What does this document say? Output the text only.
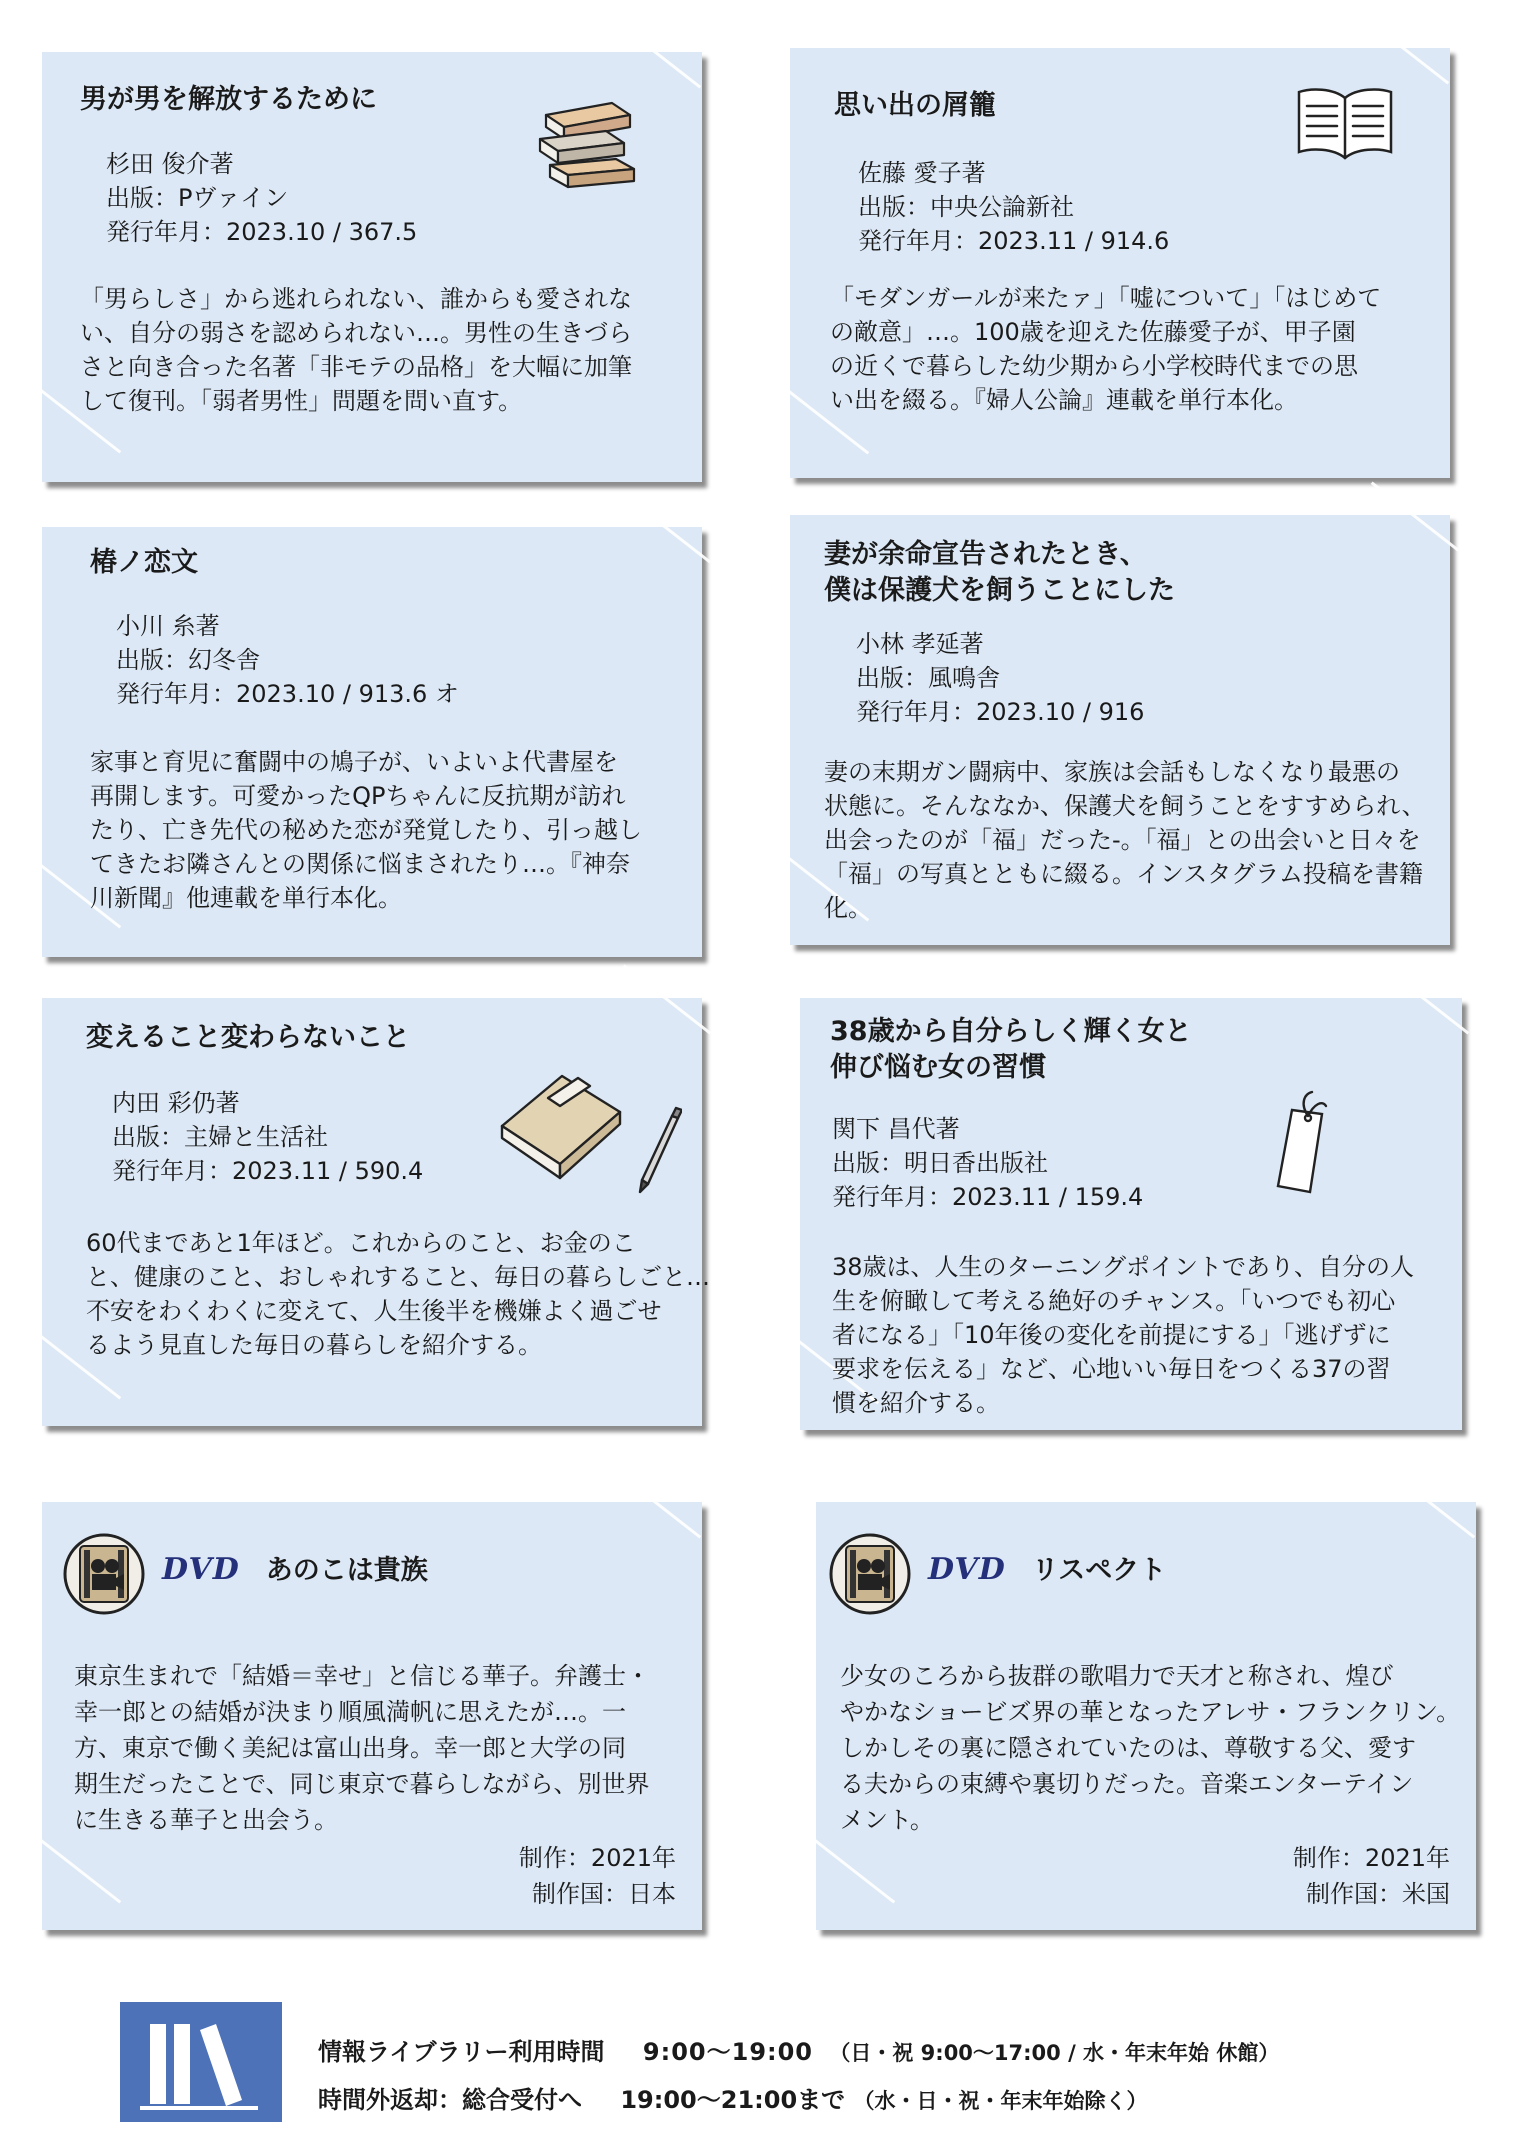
男が男を解放するために
杉田 俊介著
出版：Pヴァイン
発行年月：2023.10 / 367.5
「男らしさ」から逃れられない、誰からも愛されな
い、自分の弱さを認められない…。男性の生きづら
さと向き合った名著「非モテの品格」を大幅に加筆
して復刊。「弱者男性」問題を問い直す。
思い出の屑籠
佐藤 愛子著
出版：中央公論新社
発行年月：2023.11 / 914.6
「モダンガールが来たァ」「嘘について」「はじめて
の敵意」…。100歳を迎えた佐藤愛子が、甲子園
の近くで暮らした幼少期から小学校時代までの思
い出を綴る。『婦人公論』連載を単行本化。
椿ノ恋文
小川 糸著
出版：幻冬舎
発行年月：2023.10 / 913.6 オ
家事と育児に奮闘中の鳩子が、いよいよ代書屋を
再開します。可愛かったQPちゃんに反抗期が訪れ
たり、亡き先代の秘めた恋が発覚したり、引っ越し
てきたお隣さんとの関係に悩まされたり…。『神奈
川新聞』他連載を単行本化。
妻が余命宣告されたとき、
僕は保護犬を飼うことにした
小林 孝延著
出版：風鳴舎
発行年月：2023.10 / 916
妻の末期ガン闘病中、家族は会話もしなくなり最悪の
状態に。そんななか、保護犬を飼うことをすすめられ、
出会ったのが「福」だった-。「福」との出会いと日々を
「福」の写真とともに綴る。インスタグラム投稿を書籍
化。
変えること変わらないこと
内田 彩仍著
出版：主婦と生活社
発行年月：2023.11 / 590.4
60代まであと1年ほど。これからのこと、お金のこ
と、健康のこと、おしゃれすること、毎日の暮らしごと…
不安をわくわくに変えて、人生後半を機嫌よく過ごせ
るよう見直した毎日の暮らしを紹介する。
38歳から自分らしく輝く女と
伸び悩む女の習慣
関下 昌代著
出版：明日香出版社
発行年月：2023.11 / 159.4
38歳は、人生のターニングポイントであり、自分の人
生を俯瞰して考える絶好のチャンス。「いつでも初心
者になる」「10年後の変化を前提にする」「逃げずに
要求を伝える」など、心地いい毎日をつくる37の習
慣を紹介する。
DVD あのこは貴族
東京生まれで「結婚＝幸せ」と信じる華子。弁護士・
幸一郎との結婚が決まり順風満帆に思えたが…。一
方、東京で働く美紀は富山出身。幸一郎と大学の同
期生だったことで、同じ東京で暮らしながら、別世界
に生きる華子と出会う。
制作：2021年
制作国：日本
DVD リスペクト
少女のころから抜群の歌唱力で天才と称され、煌び
やかなショービズ界の華となったアレサ・フランクリン。
しかしその裏に隠されていたのは、尊敬する父、愛す
る夫からの束縛や裏切りだった。音楽エンターテイン
メント。
制作：2021年
制作国：米国
情報ライブラリー利用時間 9:00～19:00 （日・祝 9:00～17:00 / 水・年末年始 休館）
時間外返却：総合受付へ 19:00～21:00まで （水・日・祝・年末年始除く）
